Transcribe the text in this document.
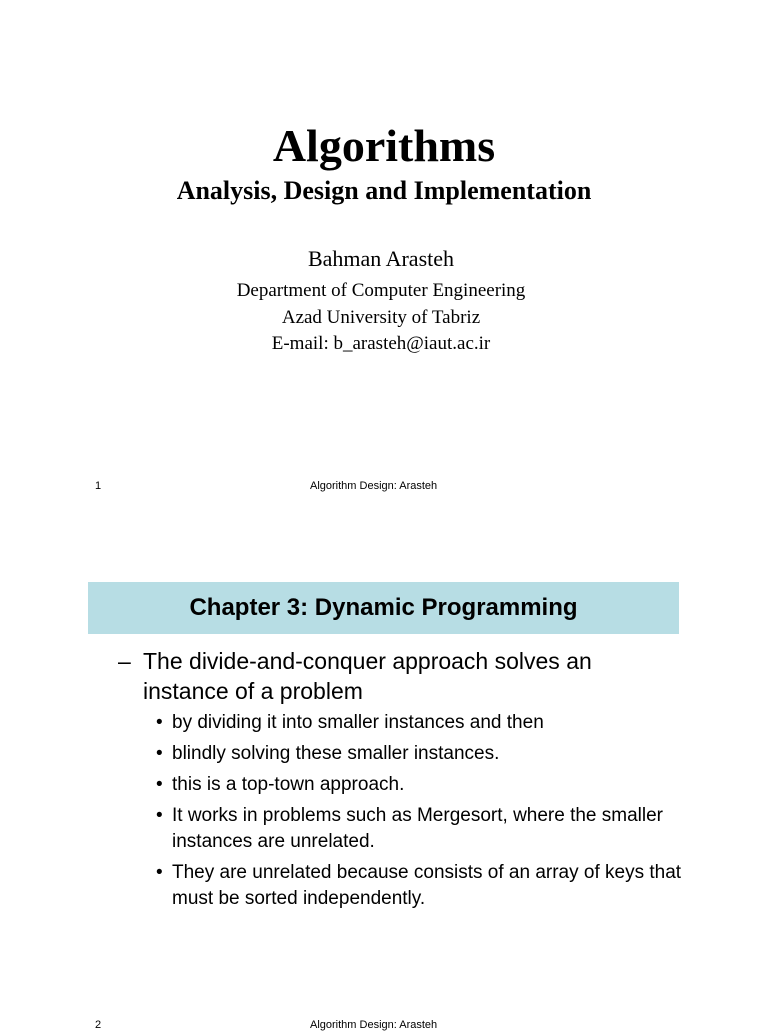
Algorithms
Analysis, Design and Implementation
Bahman Arasteh
Department of Computer Engineering
Azad University of Tabriz
E-mail: b_arasteh@iaut.ac.ir
1	Algorithm Design: Arasteh
Chapter 3: Dynamic Programming
– The divide-and-conquer approach solves an instance of a problem
• by dividing it into smaller instances and then
• blindly solving these smaller instances.
• this is a top-town approach.
• It works in problems such as Mergesort, where the smaller instances are unrelated.
• They are unrelated because consists of an array of keys that must be sorted independently.
2	Algorithm Design: Arasteh
